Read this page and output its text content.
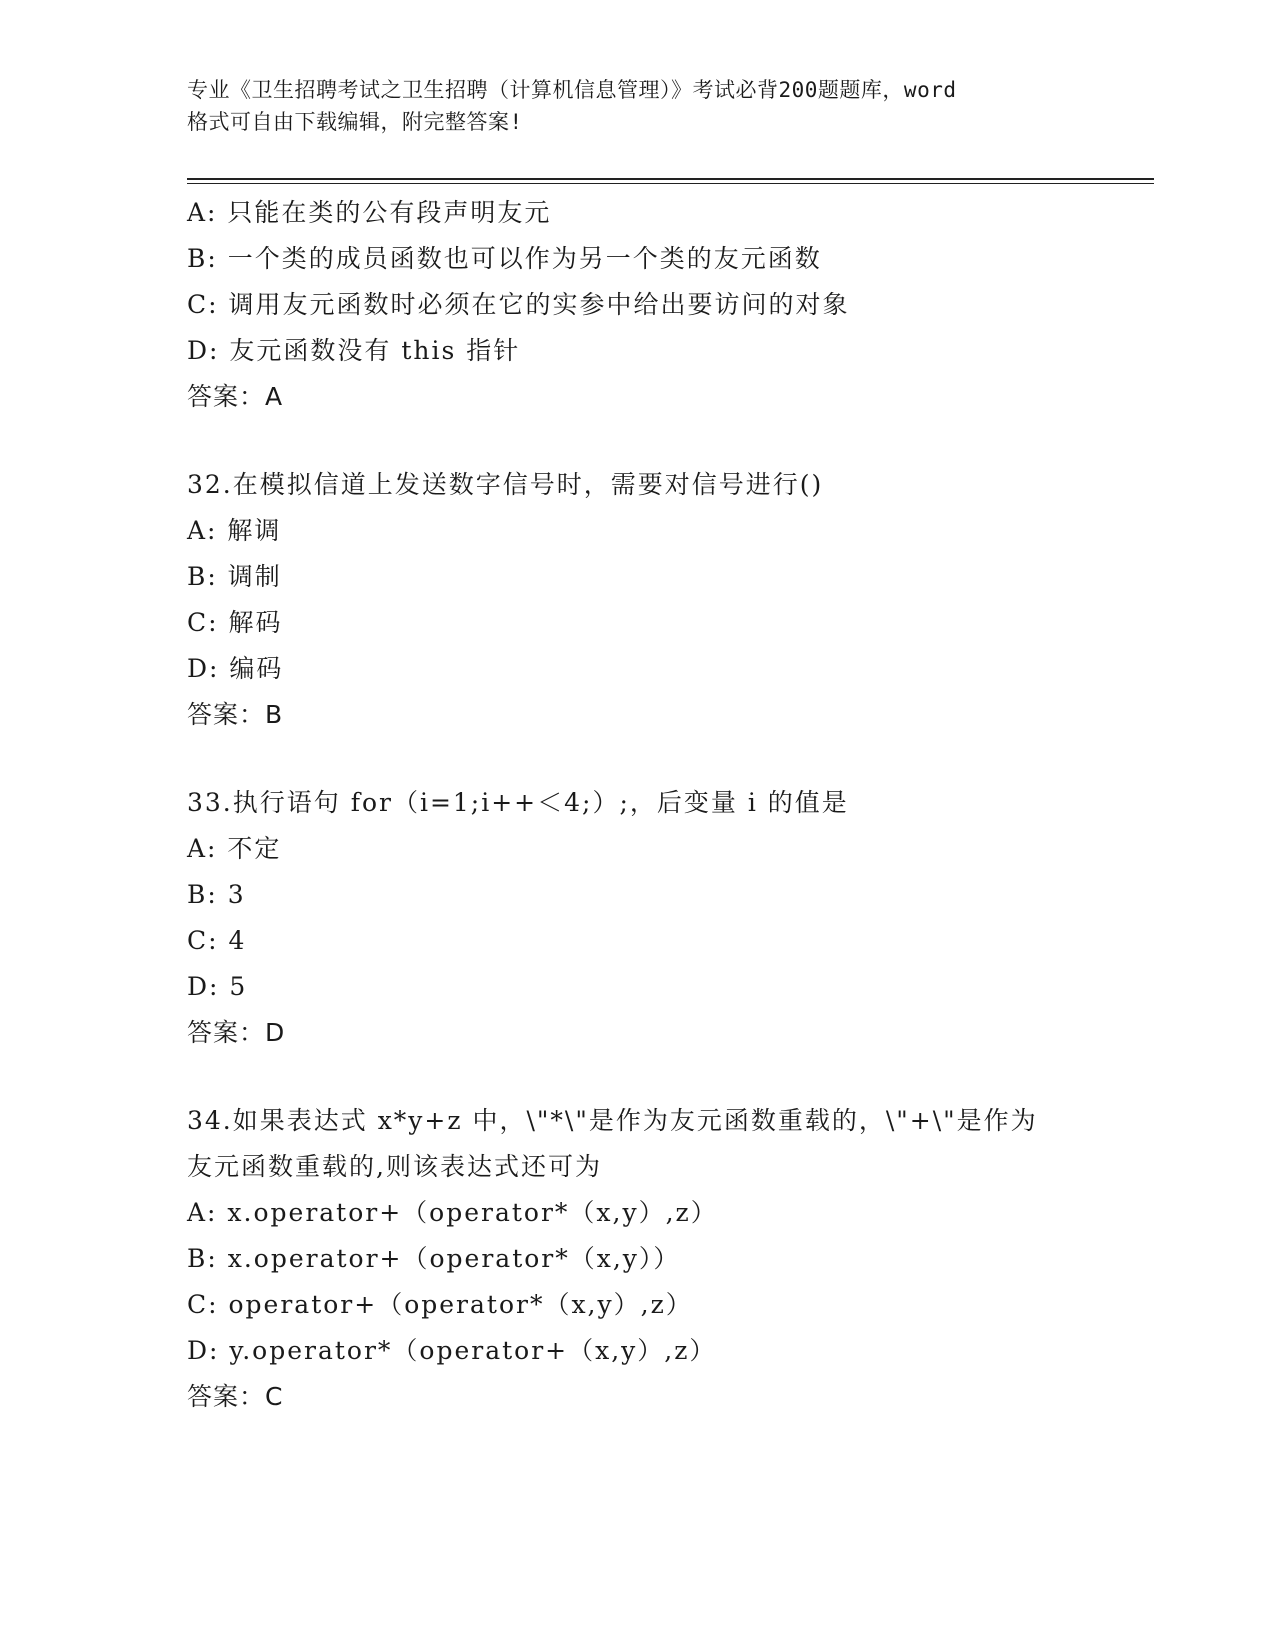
专业《卫生招聘考试之卫生招聘（计算机信息管理）》考试必背200题题库，word
格式可自由下载编辑，附完整答案!
A: 只能在类的公有段声明友元
B: 一个类的成员函数也可以作为另一个类的友元函数
C: 调用友元函数时必须在它的实参中给出要访问的对象
D: 友元函数没有 this 指针
答案：A
32.在模拟信道上发送数字信号时，需要对信号进行()
A: 解调
B: 调制
C: 解码
D: 编码
答案：B
33.执行语句 for（i=1;i++＜4;）;，后变量 i 的值是
A: 不定
B: 3
C: 4
D: 5
答案：D
34.如果表达式 x*y+z 中，\"*\"是作为友元函数重载的，\"+\"是作为
友元函数重载的,则该表达式还可为
A: x.operator+（operator*（x,y）,z）
B: x.operator+（operator*（x,y））
C: operator+（operator*（x,y）,z）
D: y.operator*（operator+（x,y）,z）
答案：C
